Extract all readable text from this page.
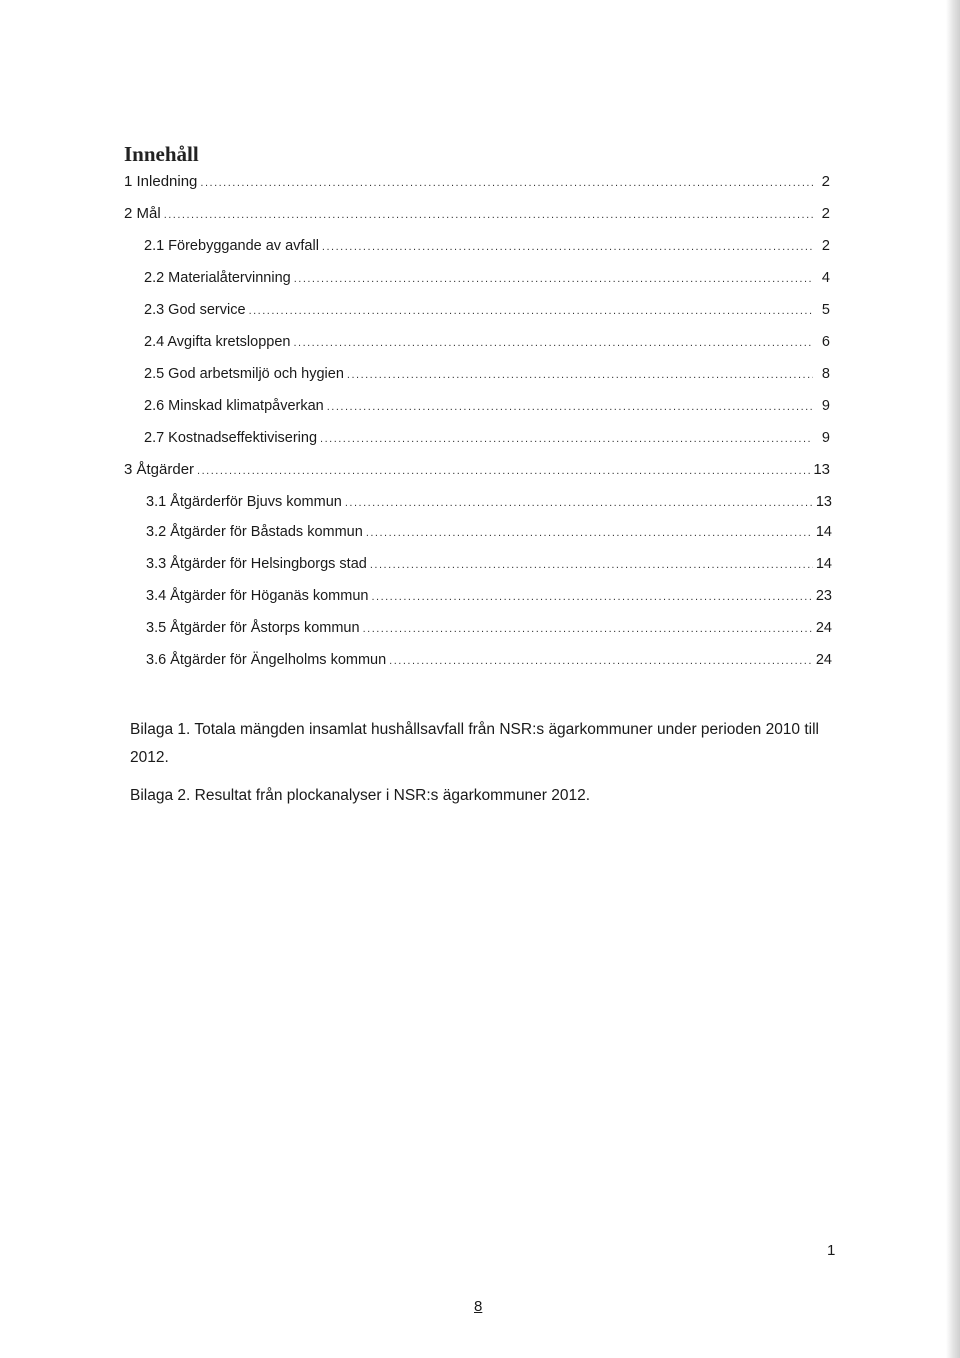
Innehåll
1 Inledning .....	2
2 Mål .....	2
2.1 Förebyggande av avfall .....	2
2.2 Materialåtervinning .....	4
2.3 God service .....	5
2.4 Avgifta kretsloppen .....	6
2.5 God arbetsmiljö och hygien .....	8
2.6 Minskad klimatpåverkan .....	9
2.7 Kostnadseffektivisering .....	9
3 Åtgärder .....	13
3.1 Åtgärderför Bjuvs kommun .....	13
3.2 Åtgärder för Båstads kommun .....	14
3.3 Åtgärder för Helsingborgs stad .....	14
3.4 Åtgärder för Höganäs kommun .....	23
3.5 Åtgärder för Åstorps kommun .....	24
3.6 Åtgärder för Ängelholms kommun .....	24
Bilaga 1. Totala mängden insamlat hushållsavfall från NSR:s ägarkommuner under perioden 2010 till 2012.
Bilaga 2. Resultat från plockanalyser i NSR:s ägarkommuner 2012.
1
8
